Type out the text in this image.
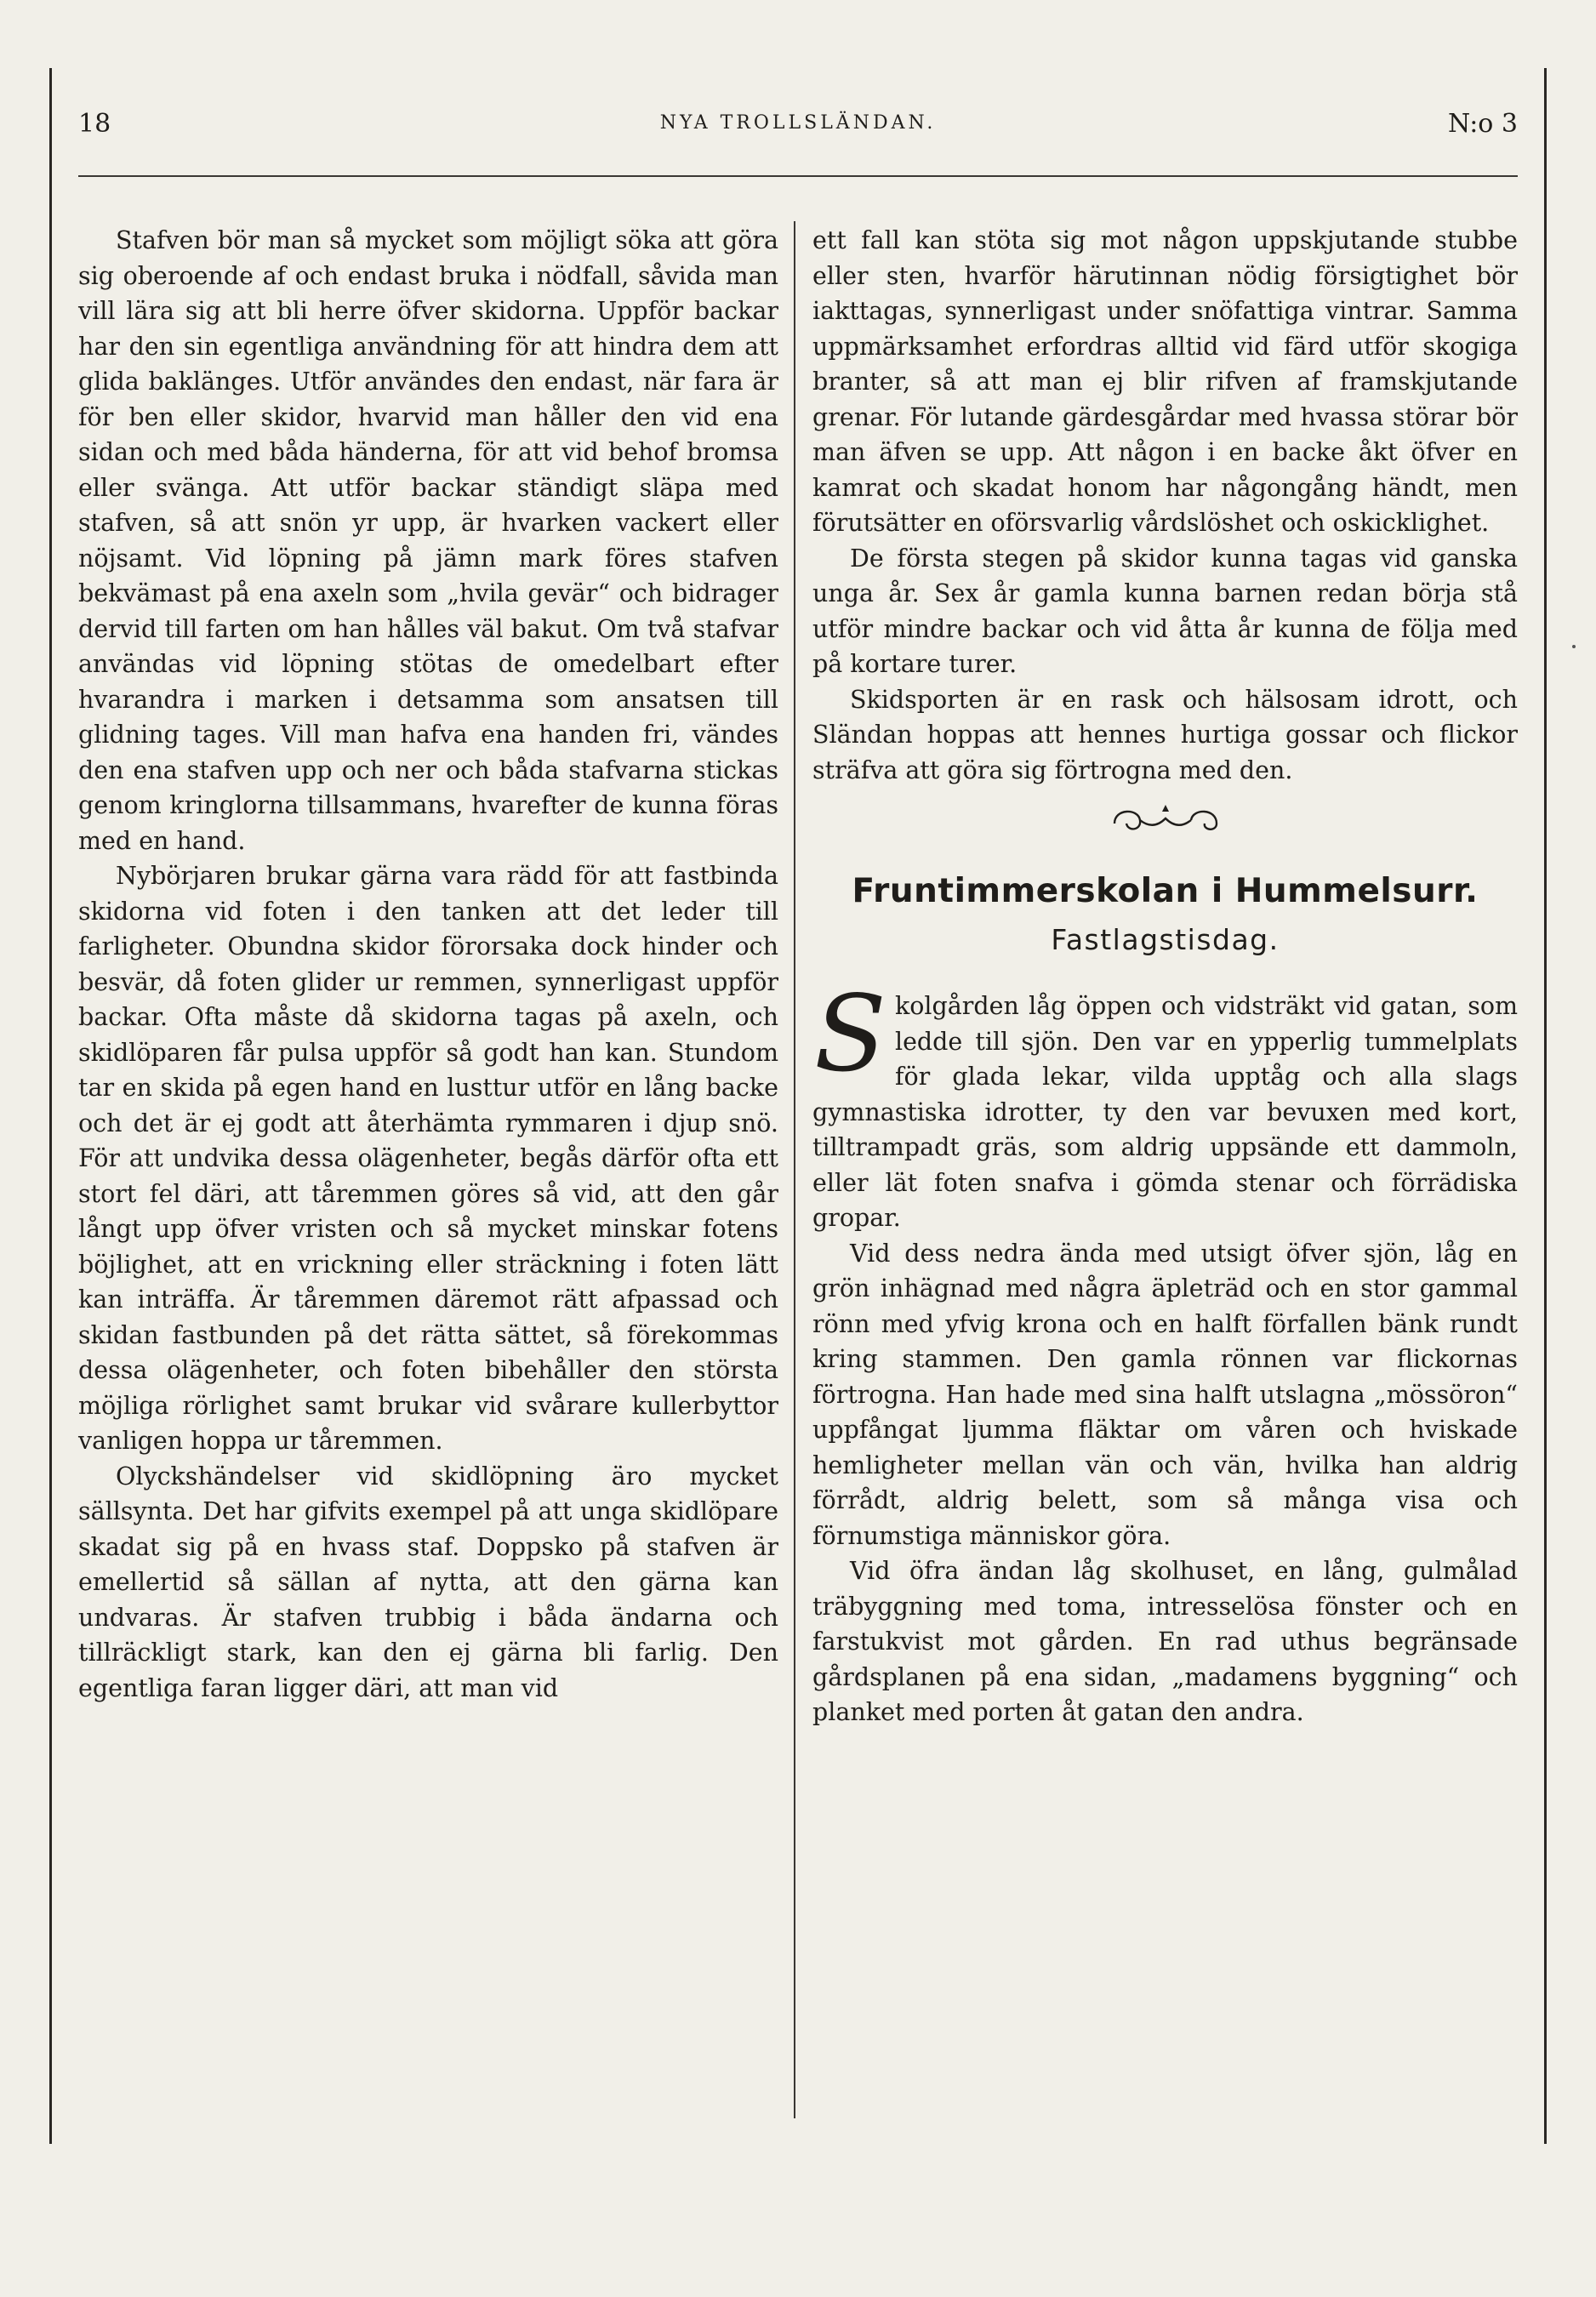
18	NYA TROLLSLÄNDAN.	N:o 3

Stafven bör man så mycket som möjligt söka att göra sig oberoende af och endast bruka i nödfall, såvida man vill lära sig att bli herre öfver skidorna. Uppför backar har den sin egentliga användning för att hindra dem att glida baklänges. Utför användes den endast, när fara är för ben eller skidor, hvarvid man håller den vid ena sidan och med båda händerna, för att vid behof bromsa eller svänga. Att utför backar ständigt släpa med stafven, så att snön yr upp, är hvarken vackert eller nöjsamt. Vid löpning på jämn mark föres stafven bekvämast på ena axeln som „hvila gevär“ och bidrager dervid till farten om han hålles väl bakut. Om två stafvar användas vid löpning stötas de omedelbart efter hvarandra i marken i detsamma som ansatsen till glidning tages. Vill man hafva ena handen fri, vändes den ena stafven upp och ner och båda stafvarna stickas genom kringlorna tillsammans, hvarefter de kunna föras med en hand.

Nybörjaren brukar gärna vara rädd för att fastbinda skidorna vid foten i den tanken att det leder till farligheter. Obundna skidor förorsaka dock hinder och besvär, då foten glider ur remmen, synnerligast uppför backar. Ofta måste då skidorna tagas på axeln, och skidlöparen får pulsa uppför så godt han kan. Stundom tar en skida på egen hand en lusttur utför en lång backe och det är ej godt att återhämta rymmaren i djup snö. För att undvika dessa olägenheter, begås därför ofta ett stort fel däri, att tåremmen göres så vid, att den går långt upp öfver vristen och så mycket minskar fotens böjlighet, att en vrickning eller sträckning i foten lätt kan inträffa. Är tåremmen däremot rätt afpassad och skidan fastbunden på det rätta sättet, så förekommas dessa olägenheter, och foten bibehåller den största möjliga rörlighet samt brukar vid svårare kullerbyttor vanligen hoppa ur tåremmen.

Olyckshändelser vid skidlöpning äro mycket sällsynta. Det har gifvits exempel på att unga skidlöpare skadat sig på en hvass staf. Doppsko på stafven är emellertid så sällan af nytta, att den gärna kan undvaras. Är stafven trubbig i båda ändarna och tillräckligt stark, kan den ej gärna bli farlig. Den egentliga faran ligger däri, att man vid

ett fall kan stöta sig mot någon uppskjutande stubbe eller sten, hvarför härutinnan nödig försigtighet bör iakttagas, synnerligast under snöfattiga vintrar. Samma uppmärksamhet erfordras alltid vid färd utför skogiga branter, så att man ej blir rifven af framskjutande grenar. För lutande gärdesgårdar med hvassa störar bör man äfven se upp. Att någon i en backe åkt öfver en kamrat och skadat honom har någongång händt, men förutsätter en oförsvarlig vårdslöshet och oskicklighet.

De första stegen på skidor kunna tagas vid ganska unga år. Sex år gamla kunna barnen redan börja stå utför mindre backar och vid åtta år kunna de följa med på kortare turer.

Skidsporten är en rask och hälsosam idrott, och Sländan hoppas att hennes hurtiga gossar och flickor sträfva att göra sig förtrogna med den.

Fruntimmerskolan i Hummelsurr.
Fastlagstisdag.

Skolgården låg öppen och vidsträkt vid gatan, som ledde till sjön. Den var en ypperlig tummelplats för glada lekar, vilda upptåg och alla slags gymnastiska idrotter, ty den var bevuxen med kort, tilltrampadt gräs, som aldrig uppsände ett dammoln, eller lät foten snafva i gömda stenar och förrädiska gropar.

Vid dess nedra ända med utsigt öfver sjön, låg en grön inhägnad med några äpleträd och en stor gammal rönn med yfvig krona och en halft förfallen bänk rundt kring stammen. Den gamla rönnen var flickornas förtrogna. Han hade med sina halft utslagna „mössöron“ uppfångat ljumma fläktar om våren och hviskade hemligheter mellan vän och vän, hvilka han aldrig förrådt, aldrig belett, som så många visa och förnumstiga människor göra.

Vid öfra ändan låg skolhuset, en lång, gulmålad träbyggning med toma, intresselösa fönster och en farstukvist mot gården. En rad uthus begränsade gårdsplanen på ena sidan, „madamens byggning“ och planket med porten åt gatan den andra.
